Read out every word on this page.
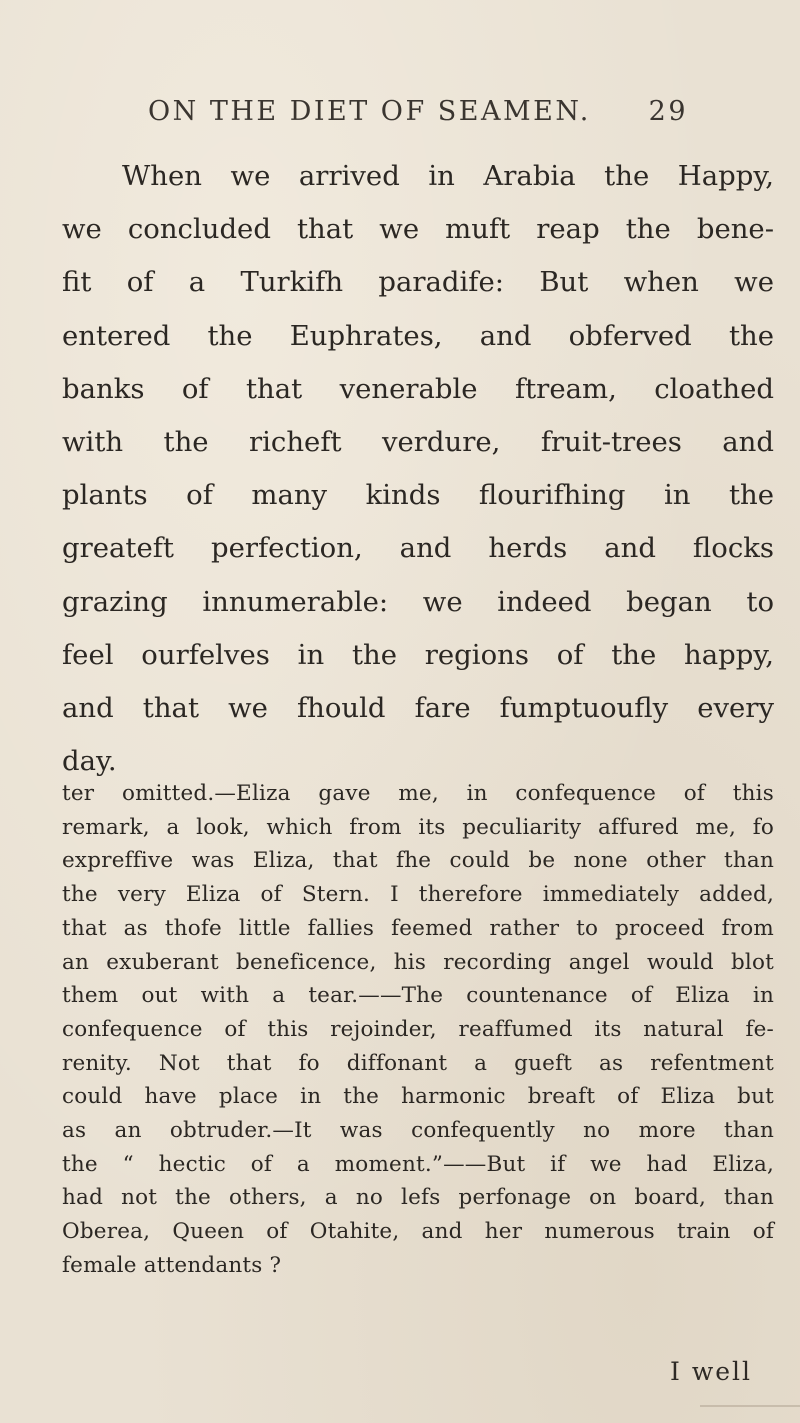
ON THE DIET OF SEAMEN. 29
When we arrived in Arabia the Happy,
we concluded that we muft reap the bene-
fit of a Turkifh paradife: But when we
entered the Euphrates, and obferved the
banks of that venerable ftream, cloathed
with the richeft verdure, fruit-trees and
plants of many kinds flourifhing in the
greateft perfection, and herds and flocks
grazing innumerable: we indeed began to
feel ourfelves in the regions of the happy,
and that we fhould fare fumptuoufly every
day.
ter omitted.—Eliza gave me, in confequence of this
remark, a look, which from its peculiarity affured me, fo
expreffive was Eliza, that fhe could be none other than
the very Eliza of Stern. I therefore immediately added,
that as thofe little fallies feemed rather to proceed from
an exuberant beneficence, his recording angel would blot
them out with a tear.——The countenance of Eliza in
confequence of this rejoinder, reaffumed its natural fe-
renity. Not that fo diffonant a gueft as refentment
could have place in the harmonic breaft of Eliza but
as an obtruder.—It was confequently no more than
the “ hectic of a moment.”——But if we had Eliza,
had not the others, a no lefs perfonage on board, than
Oberea, Queen of Otahite, and her numerous train of
female attendants ?
I well
